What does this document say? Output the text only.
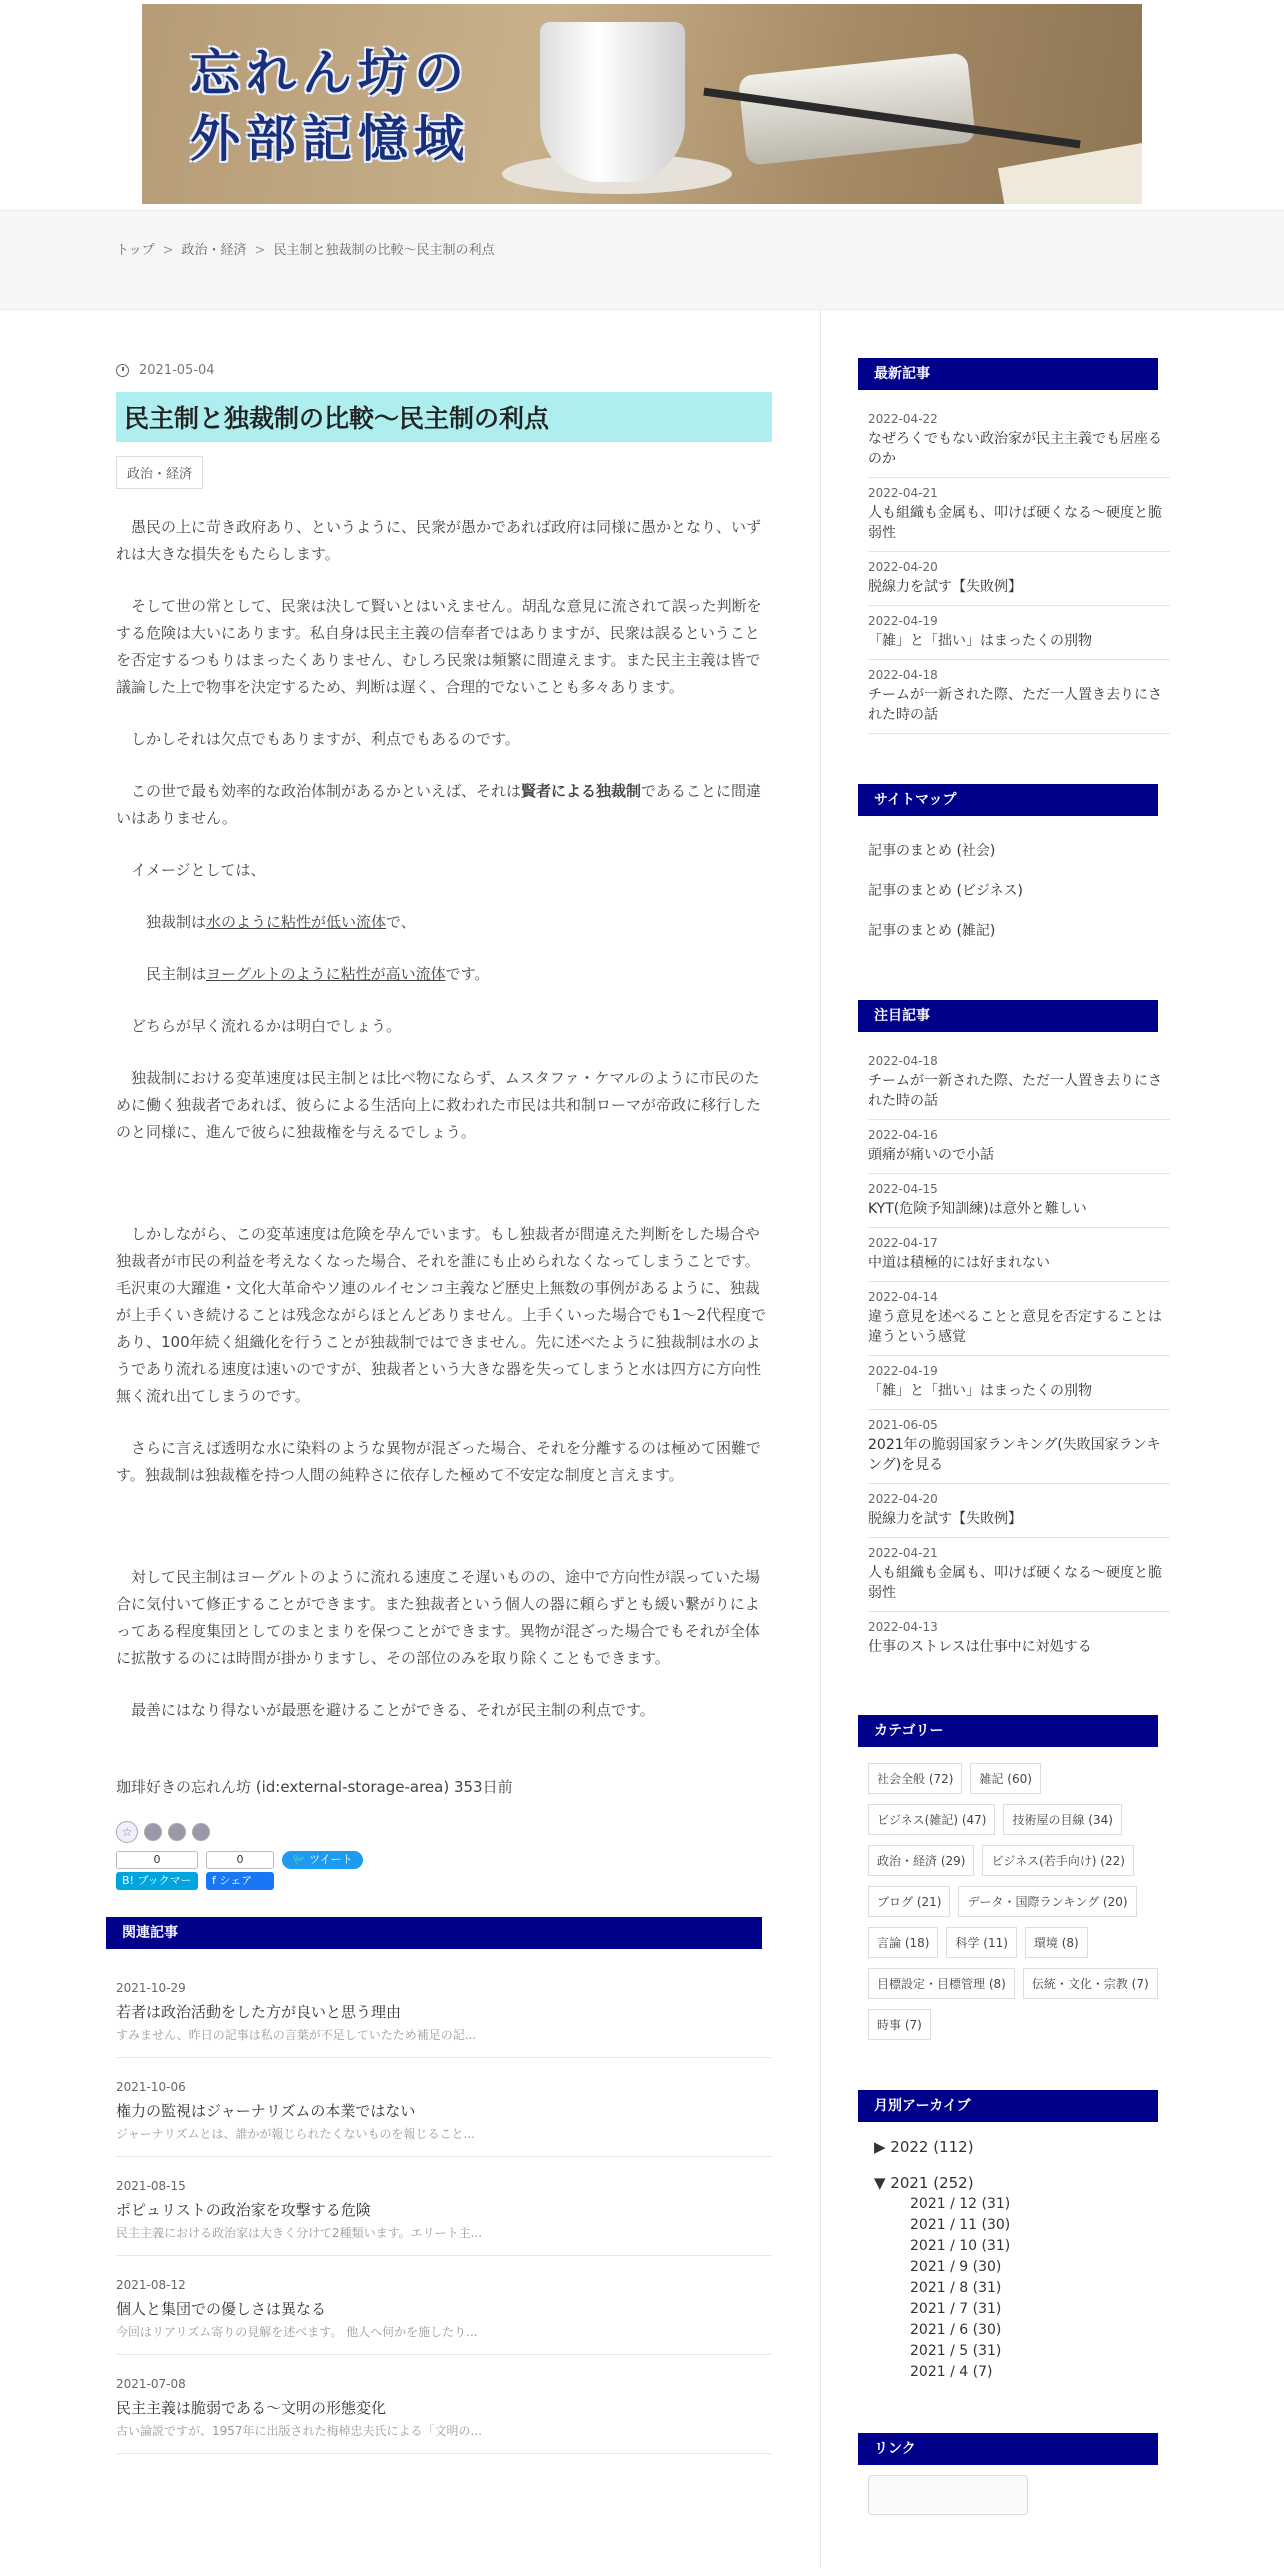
忘れん坊の
外部記憶域
トップ > 政治・経済 > 民主制と独裁制の比較～民主制の利点
2021-05-04
民主制と独裁制の比較～民主制の利点
政治・経済

　愚民の上に苛き政府あり、というように、民衆が愚かであれば政府は同様に愚かとなり、いずれは大きな損失をもたらします。

　そして世の常として、民衆は決して賢いとはいえません。胡乱な意見に流されて誤った判断をする危険は大いにあります。私自身は民主主義の信奉者ではありますが、民衆は誤るということを否定するつもりはまったくありません、むしろ民衆は頻繁に間違えます。また民主主義は皆で議論した上で物事を決定するため、判断は遅く、合理的でないことも多々あります。

　しかしそれは欠点でもありますが、利点でもあるのです。

　この世で最も効率的な政治体制があるかといえば、それは賢者による独裁制であることに間違いはありません。

　イメージとしては、

　　独裁制は水のように粘性が低い流体で、

　　民主制はヨーグルトのように粘性が高い流体です。

　どちらが早く流れるかは明白でしょう。

　独裁制における変革速度は民主制とは比べ物にならず、ムスタファ・ケマルのように市民のために働く独裁者であれば、彼らによる生活向上に救われた市民は共和制ローマが帝政に移行したのと同様に、進んで彼らに独裁権を与えるでしょう。

　しかしながら、この変革速度は危険を孕んでいます。もし独裁者が間違えた判断をした場合や独裁者が市民の利益を考えなくなった場合、それを誰にも止められなくなってしまうことです。毛沢東の大躍進・文化大革命やソ連のルイセンコ主義など歴史上無数の事例があるように、独裁が上手くいき続けることは残念ながらほとんどありません。上手くいった場合でも1～2代程度であり、100年続く組織化を行うことが独裁制ではできません。先に述べたように独裁制は水のようであり流れる速度は速いのですが、独裁者という大きな器を失ってしまうと水は四方に方向性無く流れ出てしまうのです。

　さらに言えば透明な水に染料のような異物が混ざった場合、それを分離するのは極めて困難です。独裁制は独裁権を持つ人間の純粋さに依存した極めて不安定な制度と言えます。

　対して民主制はヨーグルトのように流れる速度こそ遅いものの、途中で方向性が誤っていた場合に気付いて修正することができます。また独裁者という個人の器に頼らずとも緩い繋がりによってある程度集団としてのまとまりを保つことができます。異物が混ざった場合でもそれが全体に拡散するのには時間が掛かりますし、その部位のみを取り除くこともできます。

　最善にはなり得ないが最悪を避けることができる、それが民主制の利点です。

珈琲好きの忘れん坊 (id:external-storage-area) 353日前
☆
0
B! ブックマーク
0
f シェア
🐦 ツイート
関連記事
2021-10-29
若者は政治活動をした方が良いと思う理由
すみません、昨日の記事は私の言葉が不足していたため補足の記...
2021-10-06
権力の監視はジャーナリズムの本業ではない
ジャーナリズムとは、誰かが報じられたくないものを報じること...
2021-08-15
ポピュリストの政治家を攻撃する危険
民主主義における政治家は大きく分けて2種類います。エリート主...
2021-08-12
個人と集団での優しさは異なる
今回はリアリズム寄りの見解を述べます。 他人へ何かを施したり...
2021-07-08
民主主義は脆弱である～文明の形態変化
古い論説ですが、1957年に出版された梅棹忠夫氏による「文明の...
最新記事
2022-04-22
なぜろくでもない政治家が民主主義でも居座るのか
2022-04-21
人も組織も金属も、叩けば硬くなる～硬度と脆弱性
2022-04-20
脱線力を試す【失敗例】
2022-04-19
「雑」と「拙い」はまったくの別物
2022-04-18
チームが一新された際、ただ一人置き去りにされた時の話
サイトマップ
記事のまとめ (社会)
記事のまとめ (ビジネス)
記事のまとめ (雑記)
注目記事
2022-04-18
チームが一新された際、ただ一人置き去りにされた時の話
2022-04-16
頭痛が痛いので小話
2022-04-15
KYT(危険予知訓練)は意外と難しい
2022-04-17
中道は積極的には好まれない
2022-04-14
違う意見を述べることと意見を否定することは違うという感覚
2022-04-19
「雑」と「拙い」はまったくの別物
2021-06-05
2021年の脆弱国家ランキング(失敗国家ランキング)を見る
2022-04-20
脱線力を試す【失敗例】
2022-04-21
人も組織も金属も、叩けば硬くなる～硬度と脆弱性
2022-04-13
仕事のストレスは仕事中に対処する
カテゴリー
社会全般 (72)	雑記 (60)
ビジネス(雑記) (47)	技術屋の目線 (34)
政治・経済 (29)	ビジネス(若手向け) (22)
ブログ (21)	データ・国際ランキング (20)
言論 (18)	科学 (11)	環境 (8)
目標設定・目標管理 (8)	伝統・文化・宗教 (7)
時事 (7)
月別アーカイブ
▶ 2022 (112)
▼ 2021 (252)
2021 / 12 (31)
2021 / 11 (30)
2021 / 10 (31)
2021 / 9 (30)
2021 / 8 (31)
2021 / 7 (31)
2021 / 6 (30)
2021 / 5 (31)
2021 / 4 (7)
リンク
